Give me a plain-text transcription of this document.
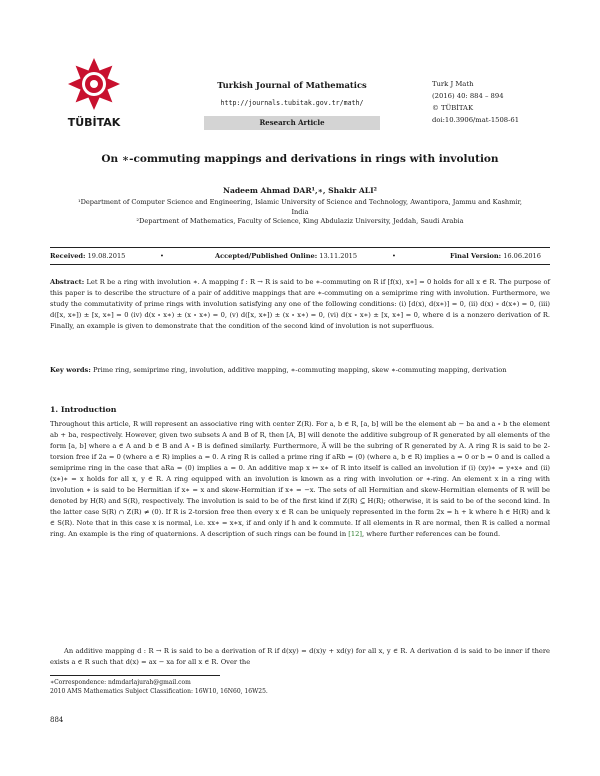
TÜBİTAK
Turkish Journal of Mathematics
http://journals.tubitak.gov.tr/math/
Research Article
Turk J Math
(2016) 40: 884 – 894
© TÜBİTAK
doi:10.3906/mat-1508-61
On ∗-commuting mappings and derivations in rings with involution
Nadeem Ahmad DAR¹,∗, Shakir ALI²
¹Department of Computer Science and Engineering, Islamic University of Science and Technology, Awantipora, Jammu and Kashmir, India
²Department of Mathematics, Faculty of Science, King Abdulaziz University, Jeddah, Saudi Arabia
Received: 19.08.2015	•	Accepted/Published Online: 13.11.2015	•	Final Version: 16.06.2016
Abstract: Let R be a ring with involution ∗. A mapping f : R → R is said to be ∗-commuting on R if [f(x), x∗] = 0 holds for all x ∈ R. The purpose of this paper is to describe the structure of a pair of additive mappings that are ∗-commuting on a semiprime ring with involution. Furthermore, we study the commutativity of prime rings with involution satisfying any one of the following conditions: (i) [d(x), d(x∗)] = 0, (ii) d(x) ∘ d(x∗) = 0, (iii) d([x, x∗]) ± [x, x∗] = 0 (iv) d(x ∘ x∗) ± (x ∘ x∗) = 0, (v) d([x, x∗]) ± (x ∘ x∗) = 0, (vi) d(x ∘ x∗) ± [x, x∗] = 0, where d is a nonzero derivation of R. Finally, an example is given to demonstrate that the condition of the second kind of involution is not superfluous.
Key words: Prime ring, semiprime ring, involution, additive mapping, ∗-commuting mapping, skew ∗-commuting mapping, derivation
1. Introduction
Throughout this article, R will represent an associative ring with center Z(R). For a, b ∈ R, [a, b] will be the element ab − ba and a ∘ b the element ab + ba, respectively. However, given two subsets A and B of R, then [A, B] will denote the additive subgroup of R generated by all elements of the form [a, b] where a ∈ A and b ∈ B and A ∘ B is defined similarly. Furthermore, A̅ will be the subring of R generated by A. A ring R is said to be 2-torsion free if 2a = 0 (where a ∈ R) implies a = 0. A ring R is called a prime ring if aRb = (0) (where a, b ∈ R) implies a = 0 or b = 0 and is called a semiprime ring in the case that aRa = (0) implies a = 0. An additive map x ↦ x∗ of R into itself is called an involution if (i) (xy)∗ = y∗x∗ and (ii) (x∗)∗ = x holds for all x, y ∈ R. A ring equipped with an involution is known as a ring with involution or ∗-ring. An element x in a ring with involution ∗ is said to be Hermitian if x∗ = x and skew-Hermitian if x∗ = −x. The sets of all Hermitian and skew-Hermitian elements of R will be denoted by H(R) and S(R), respectively. The involution is said to be of the first kind if Z(R) ⊆ H(R); otherwise, it is said to be of the second kind. In the latter case S(R) ∩ Z(R) ≠ (0). If R is 2-torsion free then every x ∈ R can be uniquely represented in the form 2x = h + k where h ∈ H(R) and k ∈ S(R). Note that in this case x is normal, i.e. xx∗ = x∗x, if and only if h and k commute. If all elements in R are normal, then R is called a normal ring. An example is the ring of quaternions. A description of such rings can be found in [12], where further references can be found.
An additive mapping d : R → R is said to be a derivation of R if d(xy) = d(x)y + xd(y) for all x, y ∈ R. A derivation d is said to be inner if there exists a ∈ R such that d(x) = ax − xa for all x ∈ R. Over the
∗Correspondence: ndmdarlajurah@gmail.com
2010 AMS Mathematics Subject Classification: 16W10, 16N60, 16W25.
884
